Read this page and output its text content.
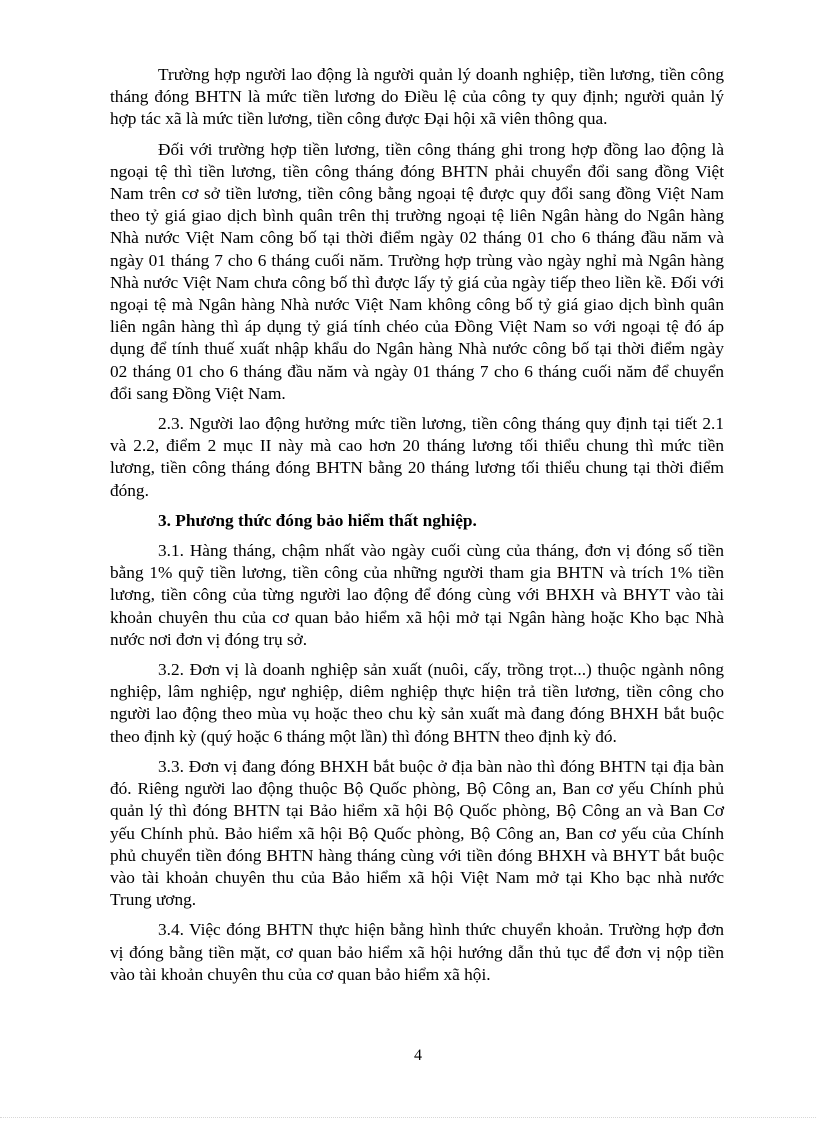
Trường hợp người lao động là người quản lý doanh nghiệp, tiền lương, tiền công tháng đóng BHTN là mức tiền lương do Điều lệ của công ty quy định; người quản lý hợp tác xã là mức tiền lương, tiền công được Đại hội xã viên thông qua.

Đối với trường hợp tiền lương, tiền công tháng ghi trong hợp đồng lao động là ngoại tệ thì tiền lương, tiền công tháng đóng BHTN phải chuyển đổi sang đồng Việt Nam trên cơ sở tiền lương, tiền công bằng ngoại tệ được quy đổi sang đồng Việt Nam theo tỷ giá giao dịch bình quân trên thị trường ngoại tệ liên Ngân hàng do Ngân hàng Nhà nước Việt Nam công bố tại thời điểm ngày 02 tháng 01 cho 6 tháng đầu năm và ngày 01 tháng 7 cho 6 tháng cuối năm. Trường hợp trùng vào ngày nghỉ mà Ngân hàng Nhà nước Việt Nam chưa công bố thì được lấy tỷ giá của ngày tiếp theo liền kề. Đối với ngoại tệ mà Ngân hàng Nhà nước Việt Nam không công bố tỷ giá giao dịch bình quân liên ngân hàng thì áp dụng tỷ giá tính chéo của Đồng Việt Nam so với ngoại tệ đó áp dụng để tính thuế xuất nhập khẩu do Ngân hàng Nhà nước công bố tại thời điểm ngày 02 tháng 01 cho 6 tháng đầu năm và ngày 01 tháng 7 cho 6 tháng cuối năm để chuyển đổi sang Đồng Việt Nam.

2.3. Người lao động hưởng mức tiền lương, tiền công tháng quy định tại tiết 2.1 và 2.2, điểm 2 mục II này mà cao hơn 20 tháng lương tối thiểu chung thì mức tiền lương, tiền công tháng đóng BHTN bằng 20 tháng lương tối thiểu chung tại thời điểm đóng.

3. Phương thức đóng bảo hiểm thất nghiệp.

3.1. Hàng tháng, chậm nhất vào ngày cuối cùng của tháng, đơn vị đóng số tiền bằng 1% quỹ tiền lương, tiền công của những người tham gia BHTN và trích 1% tiền lương, tiền công của từng người lao động để đóng cùng với BHXH và BHYT vào tài khoản chuyên thu của cơ quan bảo hiểm xã hội mở tại Ngân hàng hoặc Kho bạc Nhà nước nơi đơn vị đóng trụ sở.

3.2. Đơn vị là doanh nghiệp sản xuất (nuôi, cấy, trồng trọt...) thuộc ngành nông nghiệp, lâm nghiệp, ngư nghiệp, diêm nghiệp thực hiện trả tiền lương, tiền công cho người lao động theo mùa vụ hoặc theo chu kỳ sản xuất mà đang đóng BHXH bắt buộc theo định kỳ (quý hoặc 6 tháng một lần) thì đóng BHTN theo định kỳ đó.

3.3. Đơn vị đang đóng BHXH bắt buộc ở địa bàn nào thì đóng BHTN tại địa bàn đó. Riêng người lao động thuộc Bộ Quốc phòng, Bộ Công an, Ban cơ yếu Chính phủ quản lý thì đóng BHTN tại Bảo hiểm xã hội Bộ Quốc phòng, Bộ Công an và Ban Cơ yếu Chính phủ. Bảo hiểm xã hội Bộ Quốc phòng, Bộ Công an, Ban cơ yếu của Chính phủ chuyển tiền đóng BHTN hàng tháng cùng với tiền đóng BHXH và BHYT bắt buộc vào tài khoản chuyên thu của Bảo hiểm xã hội Việt Nam mở tại Kho bạc nhà nước Trung ương.

3.4. Việc đóng BHTN thực hiện bằng hình thức chuyển khoản. Trường hợp đơn vị đóng bằng tiền mặt, cơ quan bảo hiểm xã hội hướng dẫn thủ tục để đơn vị nộp tiền vào tài khoản chuyên thu của cơ quan bảo hiểm xã hội.

4
